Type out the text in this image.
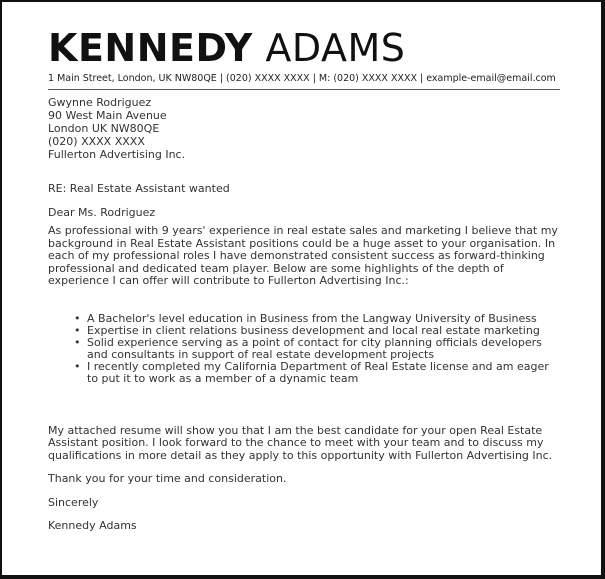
KENNEDY ADAMS
1 Main Street, London, UK NW80QE | (020) XXXX XXXX | M: (020) XXXX XXXX | example-email@email.com
Gwynne Rodriguez
90 West Main Avenue
London UK NW80QE
(020) XXXX XXXX
Fullerton Advertising Inc.
RE: Real Estate Assistant wanted
Dear Ms. Rodriguez
As professional with 9 years' experience in real estate sales and marketing I believe that my background in Real Estate Assistant positions could be a huge asset to your organisation. In each of my professional roles I have demonstrated consistent success as forward-thinking professional and dedicated team player. Below are some highlights of the depth of experience I can offer will contribute to Fullerton Advertising Inc.:
• A Bachelor's level education in Business from the Langway University of Business
• Expertise in client relations business development and local real estate marketing
• Solid experience serving as a point of contact for city planning officials developers and consultants in support of real estate development projects
• I recently completed my California Department of Real Estate license and am eager to put it to work as a member of a dynamic team
My attached resume will show you that I am the best candidate for your open Real Estate Assistant position. I look forward to the chance to meet with your team and to discuss my qualifications in more detail as they apply to this opportunity with Fullerton Advertising Inc.
Thank you for your time and consideration.
Sincerely
Kennedy Adams
